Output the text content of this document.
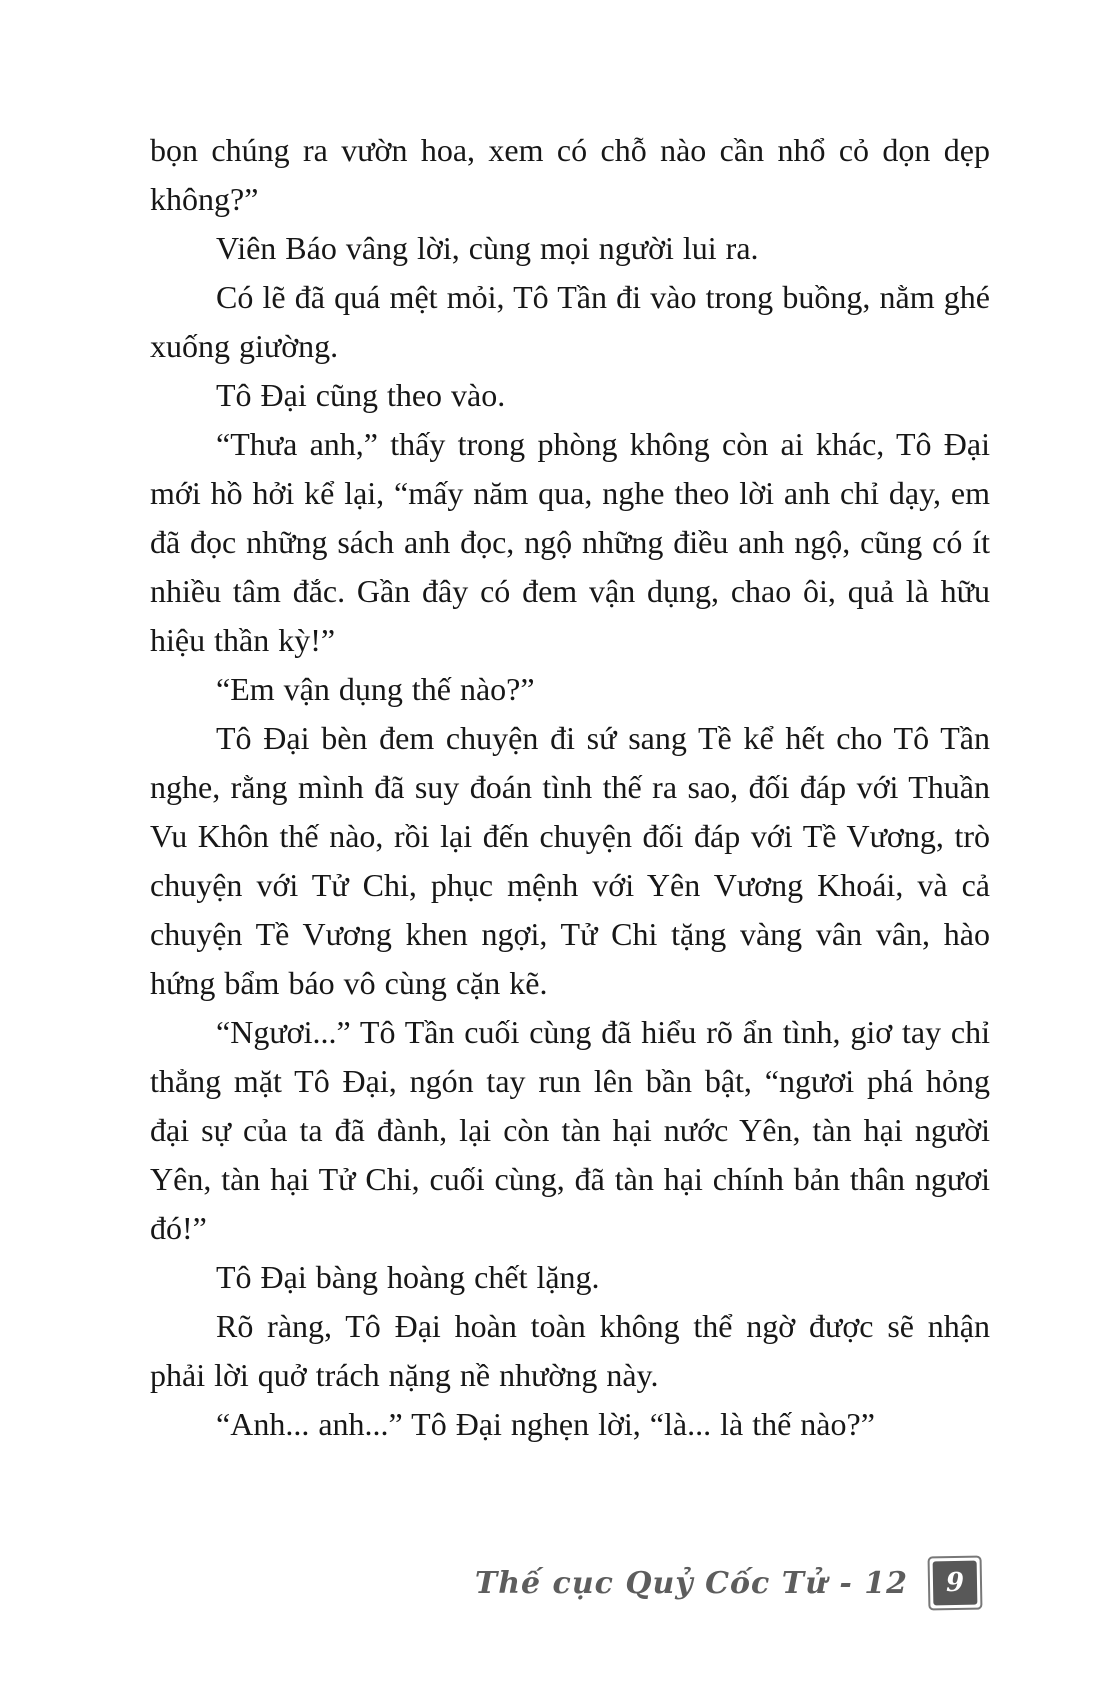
bọn chúng ra vườn hoa, xem có chỗ nào cần nhổ cỏ dọn dẹp không?”

Viên Báo vâng lời, cùng mọi người lui ra.

Có lẽ đã quá mệt mỏi, Tô Tần đi vào trong buồng, nằm ghé xuống giường.

Tô Đại cũng theo vào.

“Thưa anh,” thấy trong phòng không còn ai khác, Tô Đại mới hồ hởi kể lại, “mấy năm qua, nghe theo lời anh chỉ dạy, em đã đọc những sách anh đọc, ngộ những điều anh ngộ, cũng có ít nhiều tâm đắc. Gần đây có đem vận dụng, chao ôi, quả là hữu hiệu thần kỳ!”

“Em vận dụng thế nào?”

Tô Đại bèn đem chuyện đi sứ sang Tề kể hết cho Tô Tần nghe, rằng mình đã suy đoán tình thế ra sao, đối đáp với Thuần Vu Khôn thế nào, rồi lại đến chuyện đối đáp với Tề Vương, trò chuyện với Tử Chi, phục mệnh với Yên Vương Khoái, và cả chuyện Tề Vương khen ngợi, Tử Chi tặng vàng vân vân, hào hứng bẩm báo vô cùng cặn kẽ.

“Ngươi...” Tô Tần cuối cùng đã hiểu rõ ẩn tình, giơ tay chỉ thẳng mặt Tô Đại, ngón tay run lên bần bật, “ngươi phá hỏng đại sự của ta đã đành, lại còn tàn hại nước Yên, tàn hại người Yên, tàn hại Tử Chi, cuối cùng, đã tàn hại chính bản thân ngươi đó!”

Tô Đại bàng hoàng chết lặng.

Rõ ràng, Tô Đại hoàn toàn không thể ngờ được sẽ nhận phải lời quở trách nặng nề nhường này.

“Anh... anh...” Tô Đại nghẹn lời, “là... là thế nào?”

Thế cục Quỷ Cốc Tử - 12 9
